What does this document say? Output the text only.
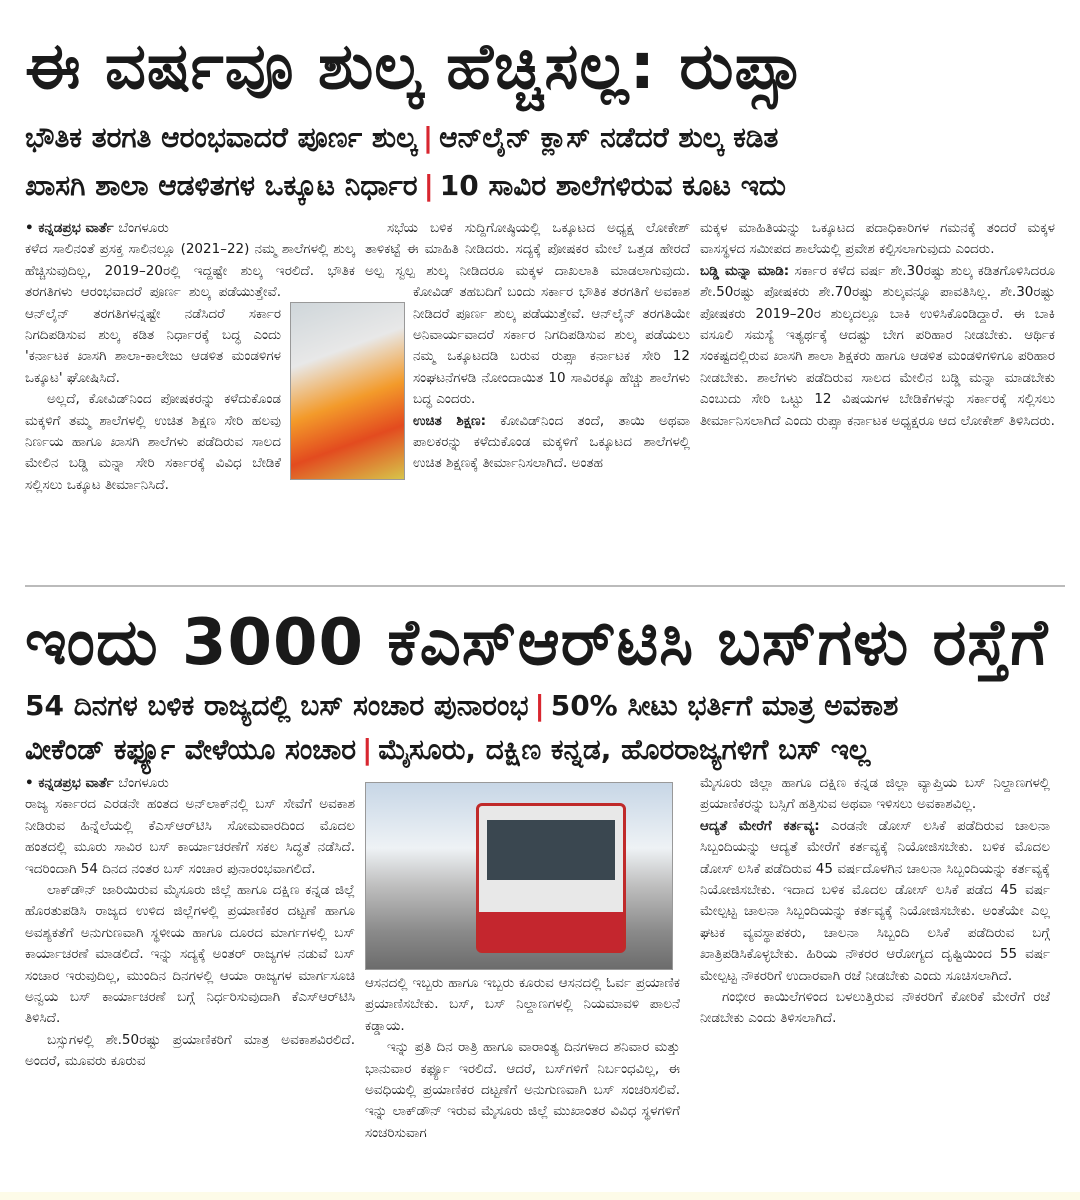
ಈ ವರ್ಷವೂ ಶುಲ್ಕ ಹೆಚ್ಚಿಸಲ್ಲ: ರುಪ್ಸಾ
ಭೌತಿಕ ತರಗತಿ ಆರಂಭವಾದರೆ ಪೂರ್ಣ ಶುಲ್ಕ | ಆನ್‌ಲೈನ್ ಕ್ಲಾಸ್ ನಡೆದರೆ ಶುಲ್ಕ ಕಡಿತ
ಖಾಸಗಿ ಶಾಲಾ ಆಡಳಿತಗಳ ಒಕ್ಕೂಟ ನಿರ್ಧಾರ | 10 ಸಾವಿರ ಶಾಲೆಗಳಿರುವ ಕೂಟ ಇದು
• ಕನ್ನಡಪ್ರಭ ವಾರ್ತೆ ಬೆಂಗಳೂರು

ಕಳೆದ ಸಾಲಿನಂತೆ ಪ್ರಸಕ್ತ ಸಾಲಿನಲ್ಲೂ (2021–22) ನಮ್ಮ ಶಾಲೆಗಳಲ್ಲಿ ಶುಲ್ಕ ಹೆಚ್ಚಿಸುವುದಿಲ್ಲ, 2019–20ರಲ್ಲಿ ಇದ್ದಷ್ಟೇ ಶುಲ್ಕ ಇರಲಿದೆ. ಭೌತಿಕ ತರಗತಿಗಳು ಆರಂಭವಾದರೆ ಪೂರ್ಣ ಶುಲ್ಕ ಪಡೆಯುತ್ತೇವೆ. ಆನ್‌ಲೈನ್ ತರಗತಿಗಳನ್ನಷ್ಟೇ ನಡೆಸಿದರೆ ಸರ್ಕಾರ ನಿಗದಿಪಡಿಸುವ ಶುಲ್ಕ ಕಡಿತ ನಿರ್ಧಾರಕ್ಕೆ ಬದ್ಧ ಎಂದು 'ಕರ್ನಾಟಕ ಖಾಸಗಿ ಶಾಲಾ-ಕಾಲೇಜು ಆಡಳಿತ ಮಂಡಳಿಗಳ ಒಕ್ಕೂಟ' ಘೋಷಿಸಿದೆ.

ಅಲ್ಲದೆ, ಕೋವಿಡ್‌ನಿಂದ ಪೋಷಕರನ್ನು ಕಳೆದುಕೊಂಡ ಮಕ್ಕಳಿಗೆ ತಮ್ಮ ಶಾಲೆಗಳಲ್ಲಿ ಉಚಿತ ಶಿಕ್ಷಣ ಸೇರಿ ಹಲವು ನಿರ್ಣಯ ಹಾಗೂ ಖಾಸಗಿ ಶಾಲೆಗಳು ಪಡೆದಿರುವ ಸಾಲದ ಮೇಲಿನ ಬಡ್ಡಿ ಮನ್ನಾ ಸೇರಿ ಸರ್ಕಾರಕ್ಕೆ ವಿವಿಧ ಬೇಡಿಕೆ ಸಲ್ಲಿಸಲು ಒಕ್ಕೂಟ ತೀರ್ಮಾನಿಸಿದೆ.

ಸಭೆಯ ಬಳಿಕ ಸುದ್ದಿಗೋಷ್ಠಿಯಲ್ಲಿ ಒಕ್ಕೂಟದ ಅಧ್ಯಕ್ಷ ಲೋಕೇಶ್ ತಾಳಿಕಟ್ಟೆ ಈ ಮಾಹಿತಿ ನೀಡಿದರು. ಸದ್ಯಕ್ಕೆ ಪೋಷಕರ ಮೇಲೆ ಒತ್ತಡ ಹೇರದೆ ಅಲ್ಪ ಸ್ವಲ್ಪ ಶುಲ್ಕ ನೀಡಿದರೂ ಮಕ್ಕಳ ದಾಖಲಾತಿ ಮಾಡಲಾಗುವುದು. ಕೋವಿಡ್ ತಹಬದಿಗೆ ಬಂದು ಸರ್ಕಾರ ಭೌತಿಕ ತರಗತಿಗೆ ಅವಕಾಶ ನೀಡಿದರೆ ಪೂರ್ಣ ಶುಲ್ಕ ಪಡೆಯುತ್ತೇವೆ. ಆನ್‌ಲೈನ್ ತರಗತಿಯೇ ಅನಿವಾರ್ಯವಾದರೆ ಸರ್ಕಾರ ನಿಗದಿಪಡಿಸುವ ಶುಲ್ಕ ಪಡೆಯಲು ನಮ್ಮ ಒಕ್ಕೂಟದಡಿ ಬರುವ ರುಪ್ಸಾ ಕರ್ನಾಟಕ ಸೇರಿ 12 ಸಂಘಟನೆಗಳಡಿ ನೋಂದಾಯಿತ 10 ಸಾವಿರಕ್ಕೂ ಹೆಚ್ಚು ಶಾಲೆಗಳು ಬದ್ಧ ಎಂದರು.

ಉಚಿತ ಶಿಕ್ಷಣ: ಕೋವಿಡ್‌ನಿಂದ ತಂದೆ, ತಾಯಿ ಅಥವಾ ಪಾಲಕರನ್ನು ಕಳೆದುಕೊಂಡ ಮಕ್ಕಳಿಗೆ ಒಕ್ಕೂಟದ ಶಾಲೆಗಳಲ್ಲಿ ಉಚಿತ ಶಿಕ್ಷಣಕ್ಕೆ ತೀರ್ಮಾನಿಸಲಾಗಿದೆ. ಅಂತಹ

ಮಕ್ಕಳ ಮಾಹಿತಿಯನ್ನು ಒಕ್ಕೂಟದ ಪದಾಧಿಕಾರಿಗಳ ಗಮನಕ್ಕೆ ತಂದರೆ ಮಕ್ಕಳ ವಾಸಸ್ಥಳದ ಸಮೀಪದ ಶಾಲೆಯಲ್ಲಿ ಪ್ರವೇಶ ಕಲ್ಪಿಸಲಾಗುವುದು ಎಂದರು.

ಬಡ್ಡಿ ಮನ್ನಾ ಮಾಡಿ: ಸರ್ಕಾರ ಕಳೆದ ವರ್ಷ ಶೇ.30ರಷ್ಟು ಶುಲ್ಕ ಕಡಿತಗೊಳಿಸಿದರೂ ಶೇ.50ರಷ್ಟು ಪೋಷಕರು ಶೇ.70ರಷ್ಟು ಶುಲ್ಕವನ್ನೂ ಪಾವತಿಸಿಲ್ಲ. ಶೇ.30ರಷ್ಟು ಪೋಷಕರು 2019–20ರ ಶುಲ್ಕದಲ್ಲೂ ಬಾಕಿ ಉಳಿಸಿಕೊಂಡಿದ್ದಾರೆ. ಈ ಬಾಕಿ ವಸೂಲಿ ಸಮಸ್ಯೆ ಇತ್ಯರ್ಥಕ್ಕೆ ಆದಷ್ಟು ಬೇಗ ಪರಿಹಾರ ನೀಡಬೇಕು. ಆರ್ಥಿಕ ಸಂಕಷ್ಟದಲ್ಲಿರುವ ಖಾಸಗಿ ಶಾಲಾ ಶಿಕ್ಷಕರು ಹಾಗೂ ಆಡಳಿತ ಮಂಡಳಿಗಳಿಗೂ ಪರಿಹಾರ ನೀಡಬೇಕು. ಶಾಲೆಗಳು ಪಡೆದಿರುವ ಸಾಲದ ಮೇಲಿನ ಬಡ್ಡಿ ಮನ್ನಾ ಮಾಡಬೇಕು ಎಂಬುದು ಸೇರಿ ಒಟ್ಟು 12 ವಿಷಯಗಳ ಬೇಡಿಕೆಗಳನ್ನು ಸರ್ಕಾರಕ್ಕೆ ಸಲ್ಲಿಸಲು ತೀರ್ಮಾನಿಸಲಾಗಿದೆ ಎಂದು ರುಪ್ಸಾ ಕರ್ನಾಟಕ ಅಧ್ಯಕ್ಷರೂ ಆದ ಲೋಕೇಶ್ ತಿಳಿಸಿದರು.

ಇಂದು 3000 ಕೆಎಸ್‌ಆರ್‌ಟಿಸಿ ಬಸ್‌ಗಳು ರಸ್ತೆಗೆ
54 ದಿನಗಳ ಬಳಿಕ ರಾಜ್ಯದಲ್ಲಿ ಬಸ್ ಸಂಚಾರ ಪುನಾರಂಭ | 50% ಸೀಟು ಭರ್ತಿಗೆ ಮಾತ್ರ ಅವಕಾಶ
ವೀಕೆಂಡ್ ಕರ್ಫ್ಯೂ ವೇಳೆಯೂ ಸಂಚಾರ | ಮೈಸೂರು, ದಕ್ಷಿಣ ಕನ್ನಡ, ಹೊರರಾಜ್ಯಗಳಿಗೆ ಬಸ್ ಇಲ್ಲ
• ಕನ್ನಡಪ್ರಭ ವಾರ್ತೆ ಬೆಂಗಳೂರು

ರಾಜ್ಯ ಸರ್ಕಾರದ ಎರಡನೇ ಹಂತದ ಅನ್‌ಲಾಕ್‌ನಲ್ಲಿ ಬಸ್ ಸೇವೆಗೆ ಅವಕಾಶ ನೀಡಿರುವ ಹಿನ್ನೆಲೆಯಲ್ಲಿ ಕೆಎಸ್‌ಆರ್‌ಟಿಸಿ ಸೋಮವಾರದಿಂದ ಮೊದಲ ಹಂತದಲ್ಲಿ ಮೂರು ಸಾವಿರ ಬಸ್ ಕಾರ್ಯಾಚರಣೆಗೆ ಸಕಲ ಸಿದ್ಧತೆ ನಡೆಸಿದೆ. ಇದರಿಂದಾಗಿ 54 ದಿನದ ನಂತರ ಬಸ್ ಸಂಚಾರ ಪುನಾರಂಭವಾಗಲಿದೆ.

ಲಾಕ್‌ಡೌನ್ ಜಾರಿಯಿರುವ ಮೈಸೂರು ಜಿಲ್ಲೆ ಹಾಗೂ ದಕ್ಷಿಣ ಕನ್ನಡ ಜಿಲ್ಲೆ ಹೊರತುಪಡಿಸಿ ರಾಜ್ಯದ ಉಳಿದ ಜಿಲ್ಲೆಗಳಲ್ಲಿ ಪ್ರಯಾಣಿಕರ ದಟ್ಟಣೆ ಹಾಗೂ ಅವಶ್ಯಕತೆಗೆ ಅನುಗುಣವಾಗಿ ಸ್ಥಳೀಯ ಹಾಗೂ ದೂರದ ಮಾರ್ಗಗಳಲ್ಲಿ ಬಸ್ ಕಾರ್ಯಾಚರಣೆ ಮಾಡಲಿದೆ. ಇನ್ನು ಸದ್ಯಕ್ಕೆ ಅಂತರ್ ರಾಜ್ಯಗಳ ನಡುವೆ ಬಸ್ ಸಂಚಾರ ಇರುವುದಿಲ್ಲ, ಮುಂದಿನ ದಿನಗಳಲ್ಲಿ ಆಯಾ ರಾಜ್ಯಗಳ ಮಾರ್ಗಸೂಚಿ ಅನ್ವಯ ಬಸ್ ಕಾರ್ಯಾಚರಣೆ ಬಗ್ಗೆ ನಿರ್ಧರಿಸುವುದಾಗಿ ಕೆಎಸ್‌ಆರ್‌ಟಿಸಿ ತಿಳಿಸಿದೆ.

ಬಸ್ಸುಗಳಲ್ಲಿ ಶೇ.50ರಷ್ಟು ಪ್ರಯಾಣಿಕರಿಗೆ ಮಾತ್ರ ಅವಕಾಶವಿರಲಿದೆ. ಅಂದರೆ, ಮೂವರು ಕೂರುವ

ಆಸನದಲ್ಲಿ ಇಬ್ಬರು ಹಾಗೂ ಇಬ್ಬರು ಕೂರುವ ಆಸನದಲ್ಲಿ ಓರ್ವ ಪ್ರಯಾಣಿಕ ಪ್ರಯಾಣಿಸಬೇಕು. ಬಸ್, ಬಸ್ ನಿಲ್ದಾಣಗಳಲ್ಲಿ ನಿಯಮಾವಳಿ ಪಾಲನೆ ಕಡ್ಡಾಯ.

ಇನ್ನು ಪ್ರತಿ ದಿನ ರಾತ್ರಿ ಹಾಗೂ ವಾರಾಂತ್ಯ ದಿನಗಳಾದ ಶನಿವಾರ ಮತ್ತು ಭಾನುವಾರ ಕರ್ಫ್ಯೂ ಇರಲಿದೆ. ಆದರೆ, ಬಸ್‌ಗಳಿಗೆ ನಿರ್ಬಂಧವಿಲ್ಲ, ಈ ಅವಧಿಯಲ್ಲಿ ಪ್ರಯಾಣಿಕರ ದಟ್ಟಣೆಗೆ ಅನುಗುಣವಾಗಿ ಬಸ್ ಸಂಚರಿಸಲಿವೆ. ಇನ್ನು ಲಾಕ್‌ಡೌನ್ ಇರುವ ಮೈಸೂರು ಜಿಲ್ಲೆ ಮುಖಾಂತರ ವಿವಿಧ ಸ್ಥಳಗಳಿಗೆ ಸಂಚರಿಸುವಾಗ

ಮೈಸೂರು ಜಿಲ್ಲಾ ಹಾಗೂ ದಕ್ಷಿಣ ಕನ್ನಡ ಜಿಲ್ಲಾ ವ್ಯಾಪ್ತಿಯ ಬಸ್ ನಿಲ್ದಾಣಗಳಲ್ಲಿ ಪ್ರಯಾಣಿಕರನ್ನು ಬಸ್ಸಿಗೆ ಹತ್ತಿಸುವ ಅಥವಾ ಇಳಿಸಲು ಅವಕಾಶವಿಲ್ಲ.

ಆದ್ಯತೆ ಮೇರೆಗೆ ಕರ್ತವ್ಯ: ಎರಡನೇ ಡೋಸ್ ಲಸಿಕೆ ಪಡೆದಿರುವ ಚಾಲನಾ ಸಿಬ್ಬಂದಿಯನ್ನು ಆದ್ಯತೆ ಮೇರೆಗೆ ಕರ್ತವ್ಯಕ್ಕೆ ನಿಯೋಜಿಸಬೇಕು. ಬಳಿಕ ಮೊದಲ ಡೋಸ್ ಲಸಿಕೆ ಪಡೆದಿರುವ 45 ವರ್ಷದೊಳಗಿನ ಚಾಲನಾ ಸಿಬ್ಬಂದಿಯನ್ನು ಕರ್ತವ್ಯಕ್ಕೆ ನಿಯೋಜಿಸಬೇಕು. ಇದಾದ ಬಳಿಕ ಮೊದಲ ಡೋಸ್ ಲಸಿಕೆ ಪಡೆದ 45 ವರ್ಷ ಮೇಲ್ಪಟ್ಟ ಚಾಲನಾ ಸಿಬ್ಬಂದಿಯನ್ನು ಕರ್ತವ್ಯಕ್ಕೆ ನಿಯೋಜಿಸಬೇಕು. ಅಂತೆಯೇ ಎಲ್ಲ ಘಟಕ ವ್ಯವಸ್ಥಾಪಕರು, ಚಾಲನಾ ಸಿಬ್ಬಂದಿ ಲಸಿಕೆ ಪಡೆದಿರುವ ಬಗ್ಗೆ ಖಾತ್ರಿಪಡಿಸಿಕೊಳ್ಳಬೇಕು. ಹಿರಿಯ ನೌಕರರ ಆರೋಗ್ಯದ ದೃಷ್ಟಿಯಿಂದ 55 ವರ್ಷ ಮೇಲ್ಪಟ್ಟ ನೌಕರರಿಗೆ ಉದಾರವಾಗಿ ರಜೆ ನೀಡಬೇಕು ಎಂದು ಸೂಚಿಸಲಾಗಿದೆ.

ಗಂಭೀರ ಕಾಯಿಲೆಗಳಿಂದ ಬಳಲುತ್ತಿರುವ ನೌಕರರಿಗೆ ಕೋರಿಕೆ ಮೇರೆಗೆ ರಜೆ ನೀಡಬೇಕು ಎಂದು ತಿಳಿಸಲಾಗಿದೆ.
